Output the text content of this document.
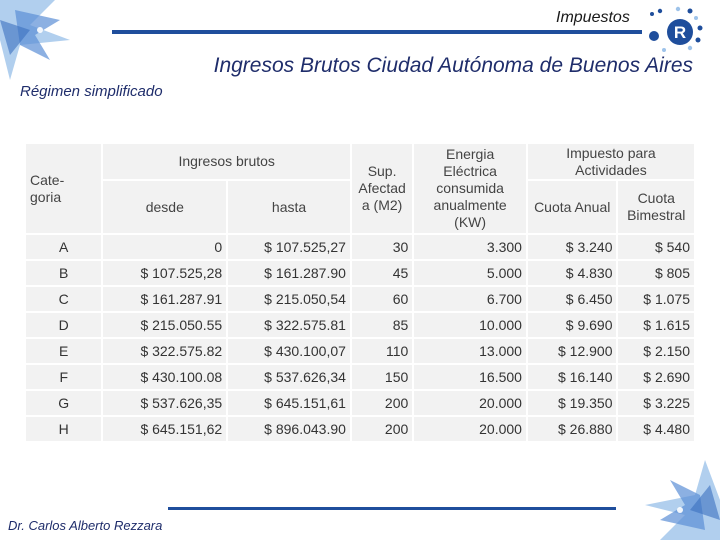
Impuestos
R
Ingresos Brutos Ciudad Autónoma de Buenos Aires
Régimen simplificado
Cate- goria	Ingresos brutos		Sup. Afectad a (M2)	Energia Eléctrica consumida anualmente (KW)	Impuesto para Actividades	
	desde	hasta			Cuota Anual	Cuota Bimestral
A	0	$ 107.525,27	30	3.300	$ 3.240	$ 540
B	$ 107.525,28	$ 161.287.90	45	5.000	$ 4.830	$ 805
C	$ 161.287.91	$ 215.050,54	60	6.700	$ 6.450	$ 1.075
D	$ 215.050.55	$ 322.575.81	85	10.000	$ 9.690	$ 1.615
E	$ 322.575.82	$ 430.100,07	110	13.000	$ 12.900	$ 2.150
F	$ 430.100.08	$ 537.626,34	150	16.500	$ 16.140	$ 2.690
G	$ 537.626,35	$ 645.151,61	200	20.000	$ 19.350	$ 3.225
H	$ 645.151,62	$ 896.043.90	200	20.000	$ 26.880	$ 4.480
Dr. Carlos Alberto Rezzara
